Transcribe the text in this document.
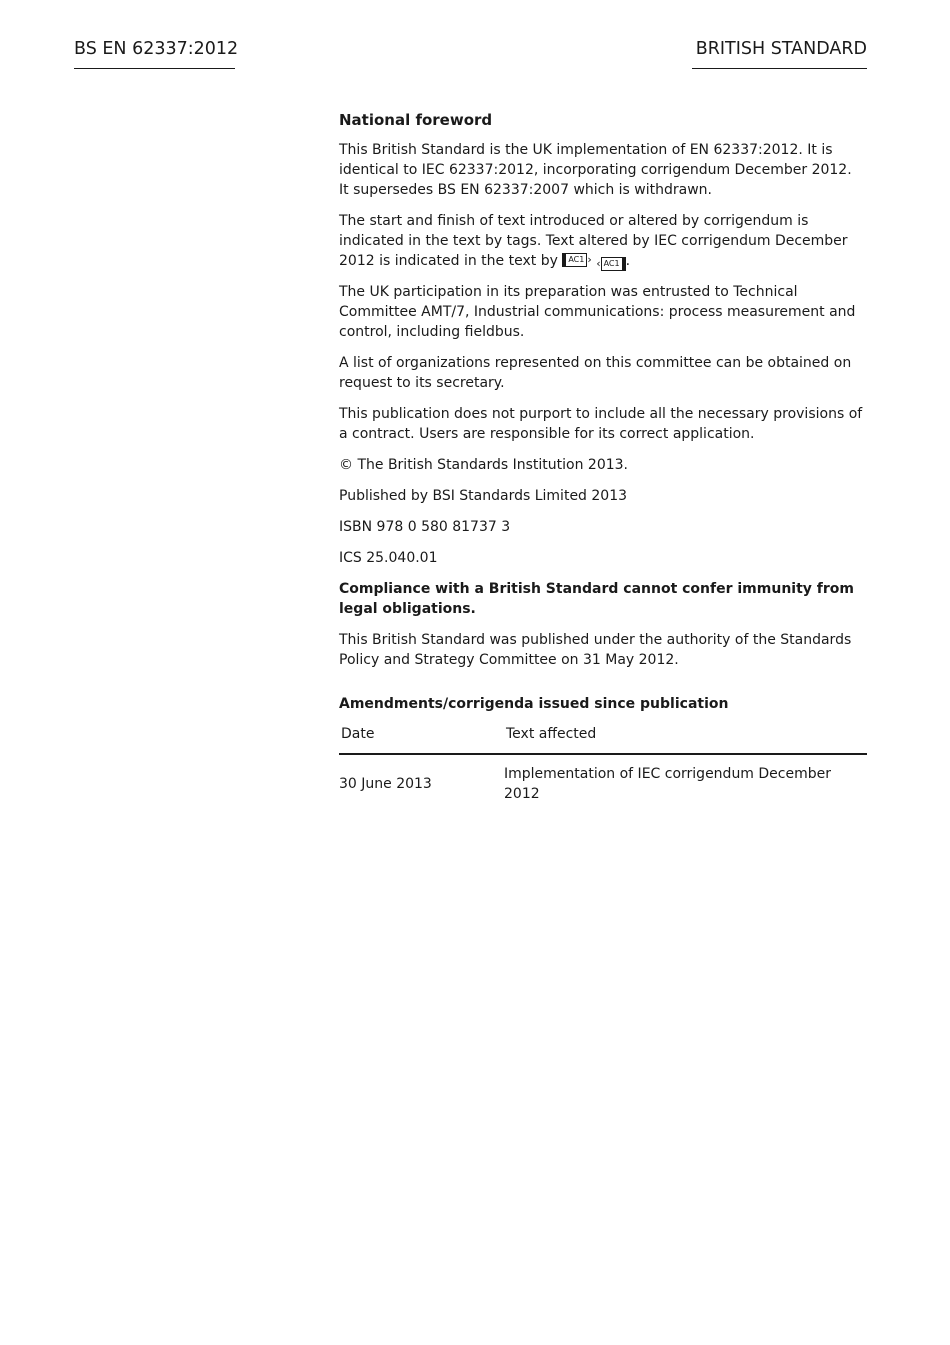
BS EN 62337:2012	BRITISH STANDARD

National foreword

This British Standard is the UK implementation of EN 62337:2012. It is identical to IEC 62337:2012, incorporating corrigendum December 2012.
It supersedes BS EN 62337:2007 which is withdrawn.

The start and finish of text introduced or altered by corrigendum is indicated in the text by tags. Text altered by IEC corrigendum December 2012 is indicated in the text by	AC1 ›
‹ AC1 .

The UK participation in its preparation was entrusted to Technical Committee AMT/7, Industrial communications: process measurement and control, including fieldbus.

A list of organizations represented on this committee can be obtained on request to its secretary.

This publication does not purport to include all the necessary provisions of a contract. Users are responsible for its correct application.

© The British Standards Institution 2013.

Published by BSI Standards Limited 2013

ISBN 978 0 580 81737 3

ICS 25.040.01

Compliance with a British Standard cannot confer immunity from legal obligations.

This British Standard was published under the authority of the Standards Policy and Strategy Committee on 31 May 2012.

Amendments/corrigenda issued since publication

Date	Text affected
30 June 2013	Implementation of IEC corrigendum December 2012
